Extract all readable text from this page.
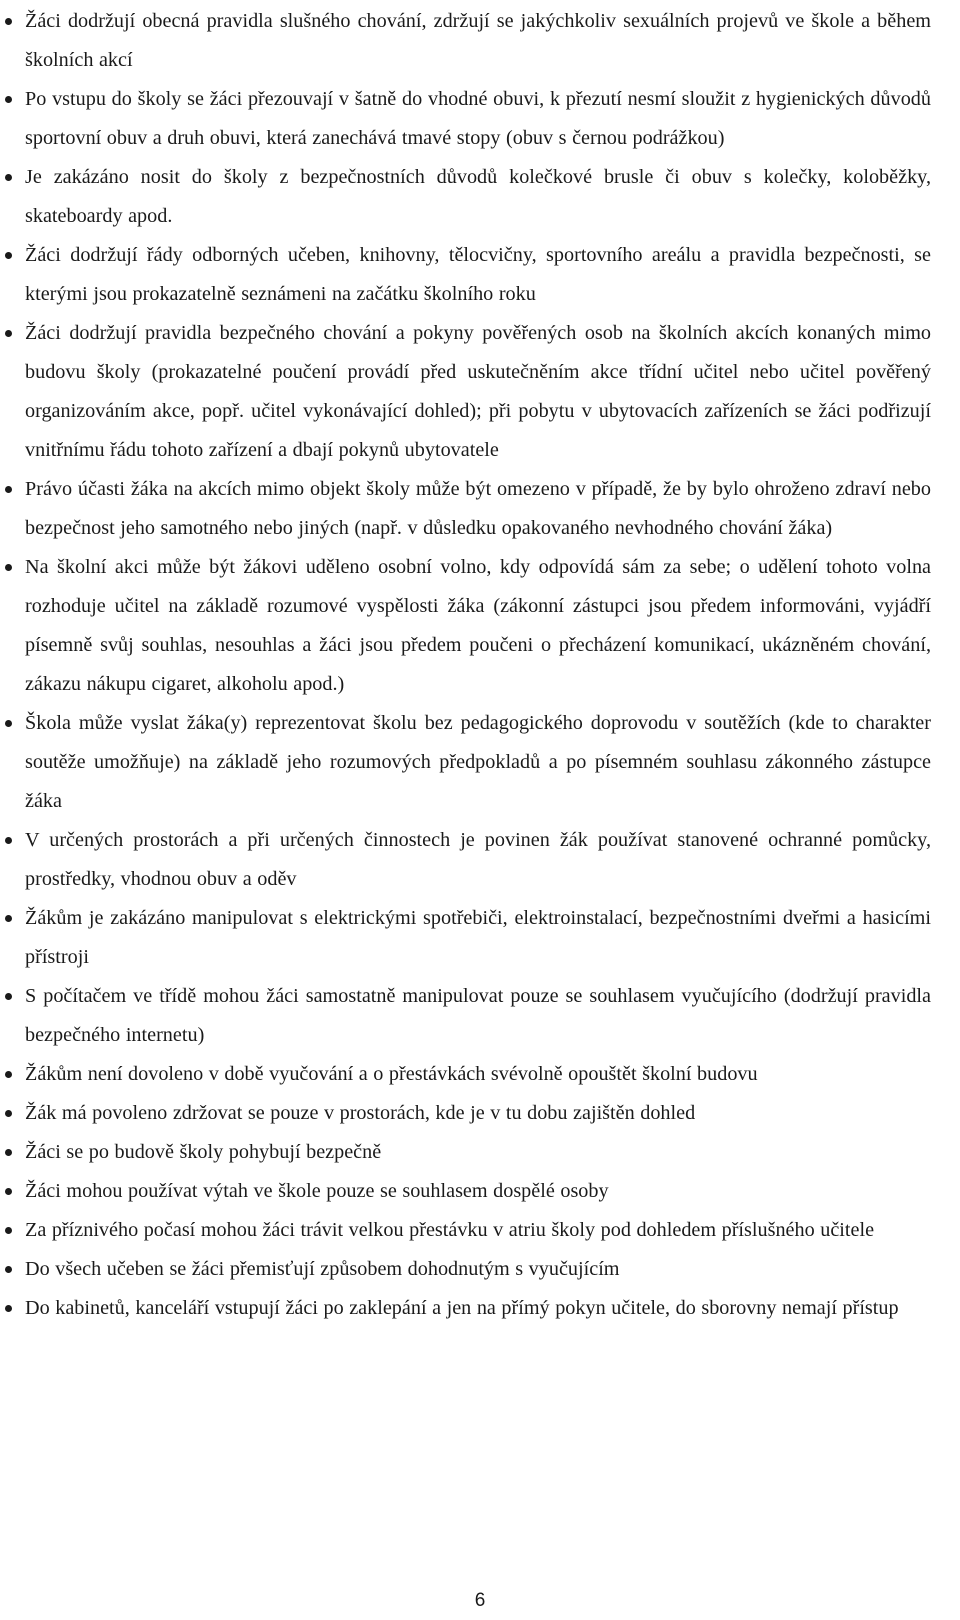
Žáci dodržují obecná pravidla slušného chování, zdržují se jakýchkoliv sexuálních projevů ve škole a během školních akcí
Po vstupu do školy se žáci přezouvají v šatně do vhodné obuvi, k přezutí nesmí sloužit z hygienických důvodů sportovní obuv a druh obuvi, která zanechává tmavé stopy (obuv s černou podrážkou)
Je zakázáno nosit do školy z bezpečnostních důvodů kolečkové brusle či obuv s kolečky, koloběžky, skateboardy apod.
Žáci dodržují řády odborných učeben, knihovny, tělocvičny, sportovního areálu a pravidla bezpečnosti, se kterými jsou prokazatelně seznámeni na začátku školního roku
Žáci dodržují pravidla bezpečného chování a pokyny pověřených osob na školních akcích konaných mimo budovu školy (prokazatelné poučení provádí před uskutečněním akce třídní učitel nebo učitel pověřený organizováním akce, popř. učitel vykonávající dohled); při pobytu v ubytovacích zařízeních se žáci podřizují vnitřnímu řádu tohoto zařízení a dbají pokynů ubytovatele
Právo účasti žáka na akcích mimo objekt školy může být omezeno v případě, že by bylo ohroženo zdraví nebo bezpečnost jeho samotného nebo jiných (např. v důsledku opakovaného nevhodného chování žáka)
Na školní akci může být žákovi uděleno osobní volno, kdy odpovídá sám za sebe; o udělení tohoto volna rozhoduje učitel na základě rozumové vyspělosti žáka (zákonní zástupci jsou předem informováni, vyjádří písemně svůj souhlas, nesouhlas a žáci jsou předem poučeni o přecházení komunikací, ukázněném chování, zákazu nákupu cigaret, alkoholu apod.)
Škola může vyslat žáka(y) reprezentovat školu bez pedagogického doprovodu v soutěžích (kde to charakter soutěže umožňuje) na základě jeho rozumových předpokladů a po písemném souhlasu zákonného zástupce žáka
V určených prostorách a při určených činnostech je povinen žák používat stanovené ochranné pomůcky, prostředky, vhodnou obuv a oděv
Žákům je zakázáno manipulovat s elektrickými spotřebiči, elektroinstalací, bezpečnostními dveřmi a hasicími přístroji
S počítačem ve třídě mohou žáci samostatně manipulovat pouze se souhlasem vyučujícího (dodržují pravidla bezpečného internetu)
Žákům není dovoleno v době vyučování a o přestávkách svévolně opouštět školní budovu
Žák má povoleno zdržovat se pouze v prostorách, kde je v tu dobu zajištěn dohled
Žáci se po budově školy pohybují bezpečně
Žáci mohou používat výtah ve škole pouze se souhlasem dospělé osoby
Za příznivého počasí mohou žáci trávit velkou přestávku v atriu školy pod dohledem příslušného učitele
Do všech učeben se žáci přemisťují způsobem dohodnutým s vyučujícím
Do kabinetů, kanceláří vstupují žáci po zaklepání a jen na přímý pokyn učitele, do sborovny nemají přístup
6
